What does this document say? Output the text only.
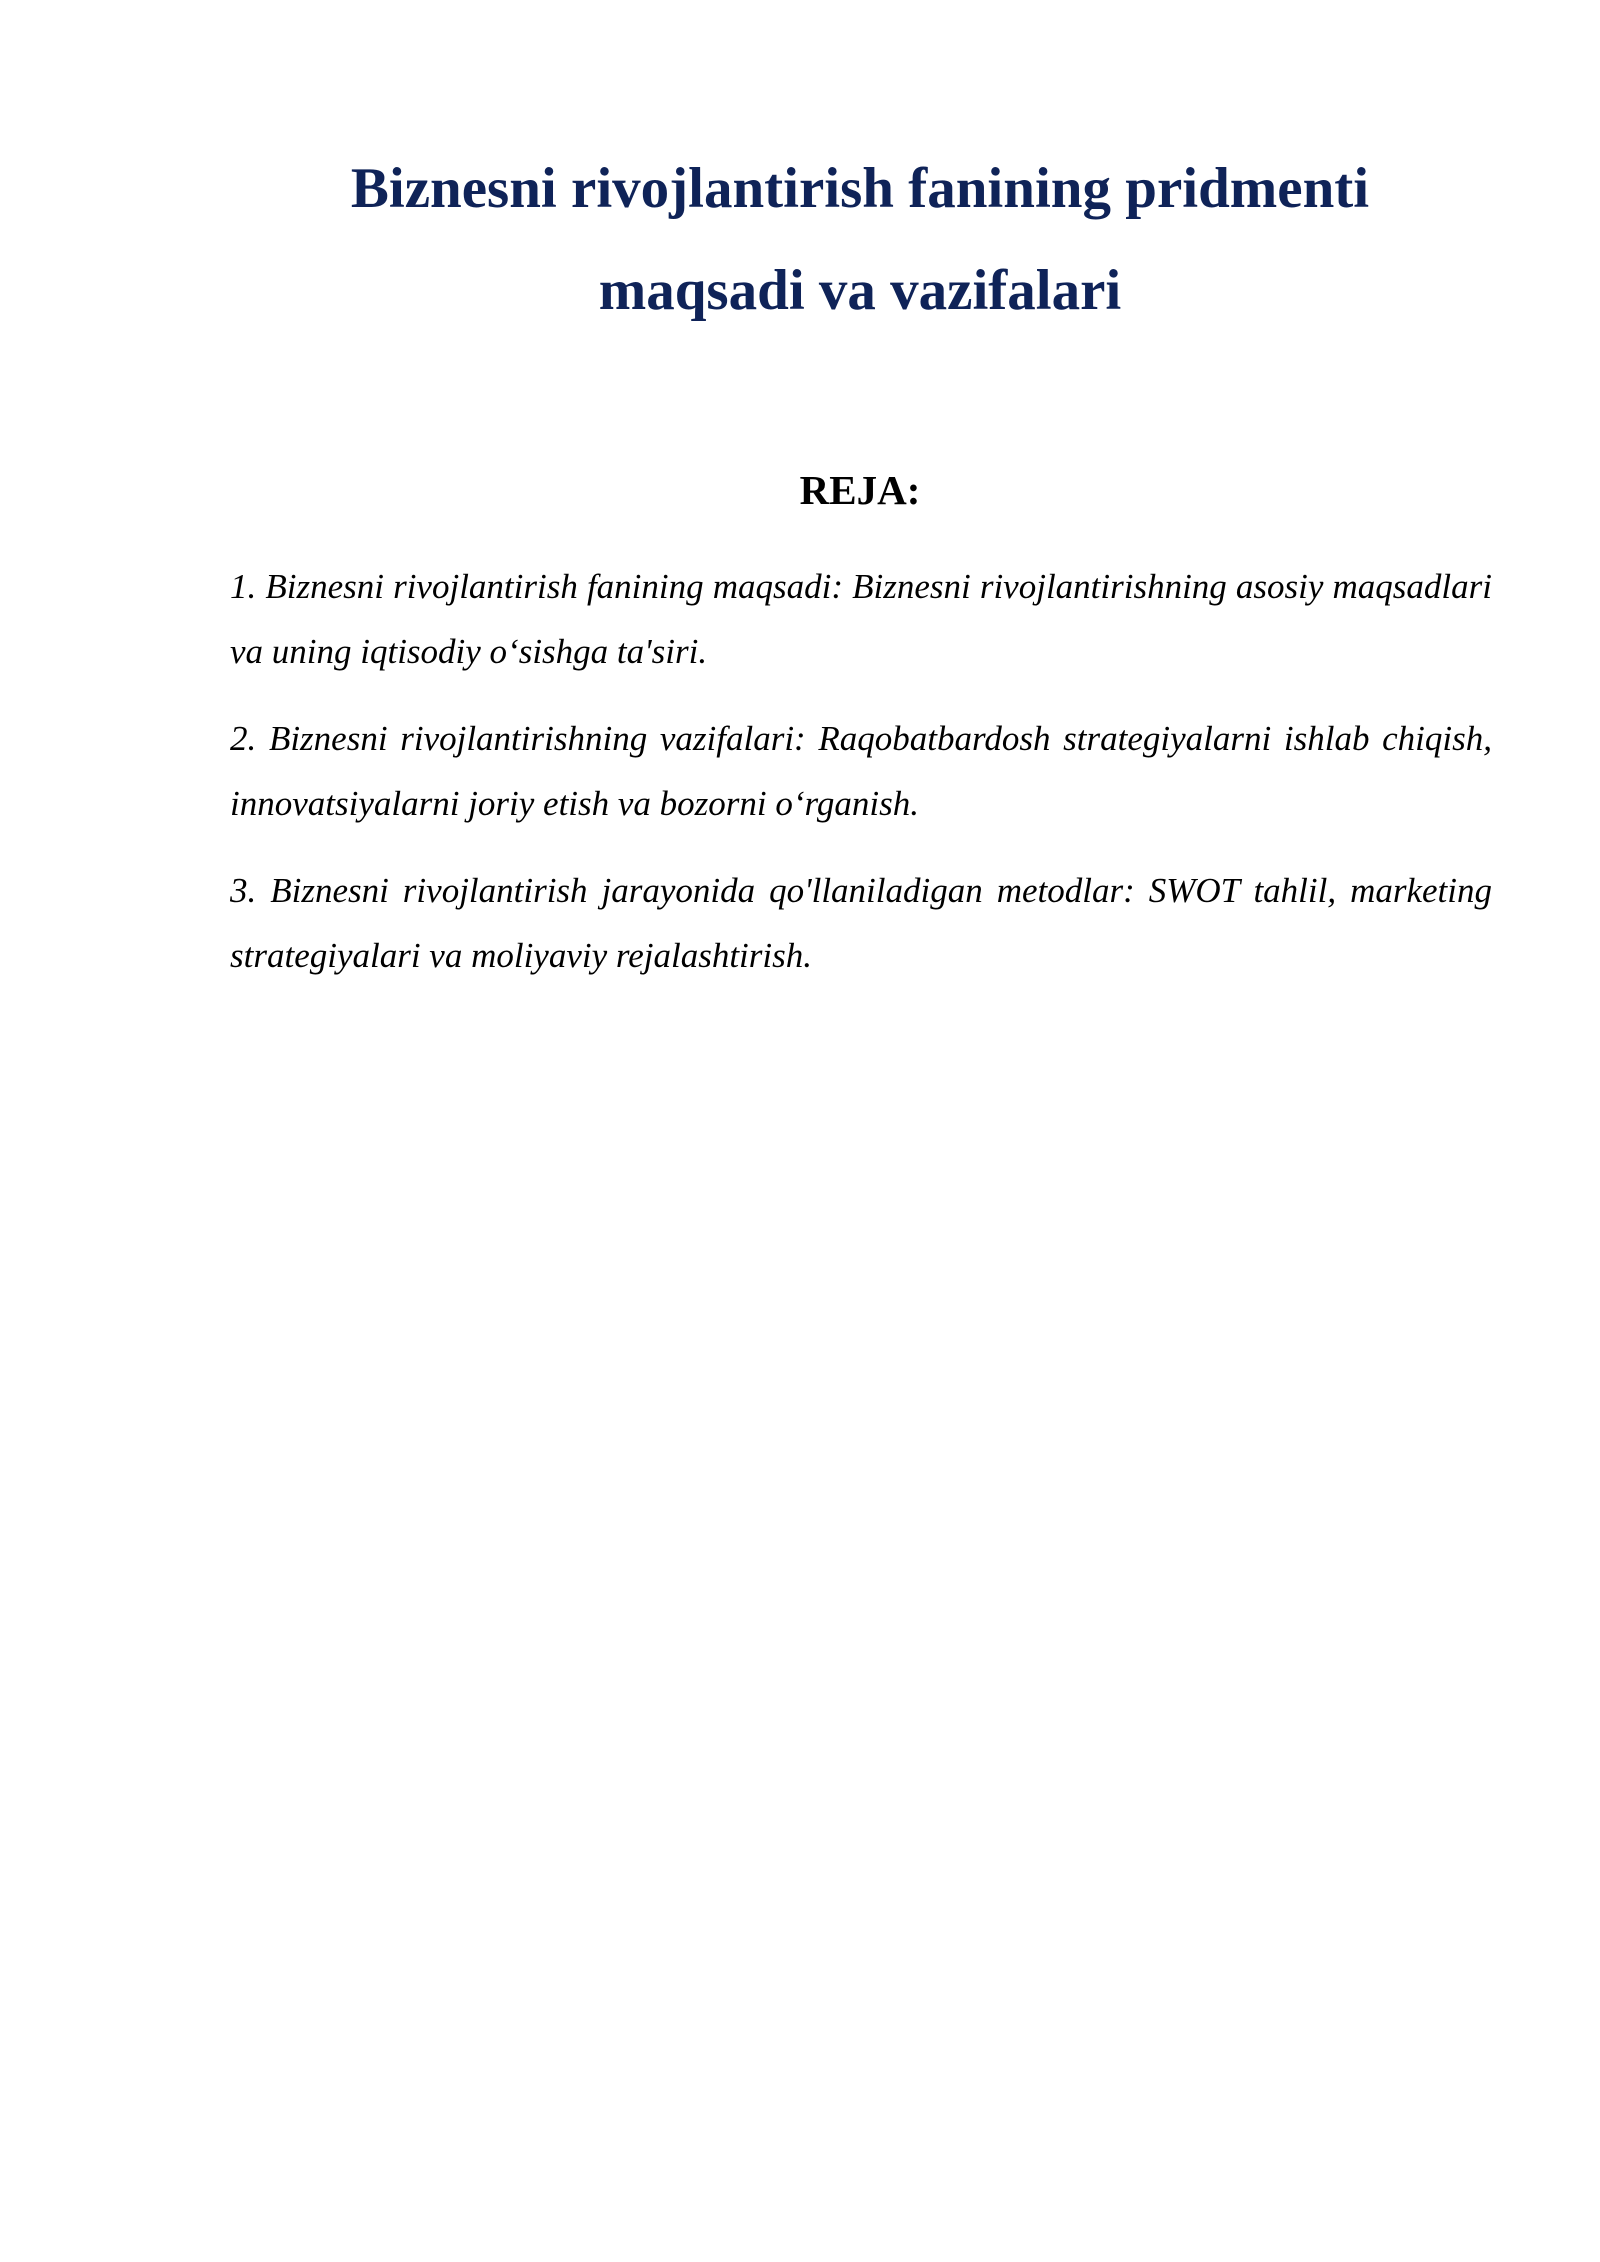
Biznesni rivojlantirish fanining pridmenti
maqsadi va vazifalari
REJA:
1. Biznesni rivojlantirish fanining maqsadi: Biznesni rivojlantirishning asosiy maqsadlari va uning iqtisodiy o‘sishga ta'siri.
2. Biznesni rivojlantirishning vazifalari: Raqobatbardosh strategiyalarni ishlab chiqish, innovatsiyalarni joriy etish va bozorni o‘rganish.
3. Biznesni rivojlantirish jarayonida qo'llaniladigan metodlar: SWOT tahlil, marketing strategiyalari va moliyaviy rejalashtirish.
